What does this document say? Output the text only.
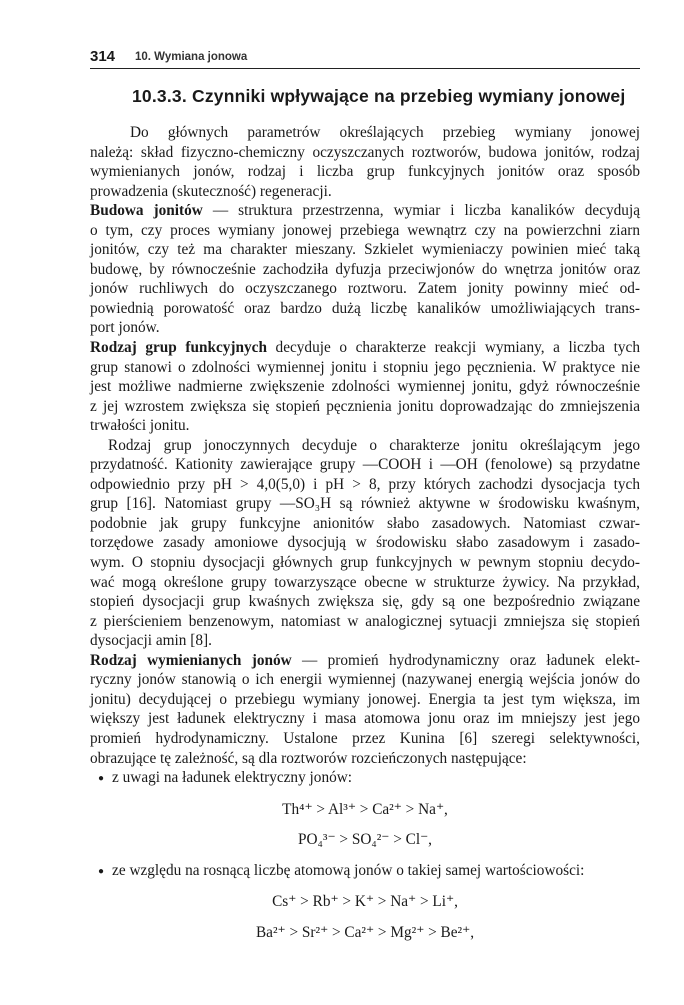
314 10. Wymiana jonowa
10.3.3. Czynniki wpływające na przebieg wymiany jonowej
Do głównych parametrów określających przebieg wymiany jonowej
należą: skład fizyczno-chemiczny oczyszczanych roztworów, budowa jonitów, rodzaj
wymienianych jonów, rodzaj i liczba grup funkcyjnych jonitów oraz sposób
prowadzenia (skuteczność) regeneracji.
Budowa jonitów — struktura przestrzenna, wymiar i liczba kanalików decydują
o tym, czy proces wymiany jonowej przebiega wewnątrz czy na powierzchni ziarn
jonitów, czy też ma charakter mieszany. Szkielet wymieniaczy powinien mieć taką
budowę, by równocześnie zachodziła dyfuzja przeciwjonów do wnętrza jonitów oraz
jonów ruchliwych do oczyszczanego roztworu. Zatem jonity powinny mieć od-
powiednią porowatość oraz bardzo dużą liczbę kanalików umożliwiających trans-
port jonów.
Rodzaj grup funkcyjnych decyduje o charakterze reakcji wymiany, a liczba tych
grup stanowi o zdolności wymiennej jonitu i stopniu jego pęcznienia. W praktyce nie
jest możliwe nadmierne zwiększenie zdolności wymiennej jonitu, gdyż równocześnie
z jej wzrostem zwiększa się stopień pęcznienia jonitu doprowadzając do zmniejszenia
trwałości jonitu.
Rodzaj grup jonoczynnych decyduje o charakterze jonitu określającym jego
przydatność. Kationity zawierające grupy —COOH i —OH (fenolowe) są przydatne
odpowiednio przy pH > 4,0(5,0) i pH > 8, przy których zachodzi dysocjacja tych
grup [16]. Natomiast grupy —SO₃H są również aktywne w środowisku kwaśnym,
podobnie jak grupy funkcyjne anionitów słabo zasadowych. Natomiast czwar-
torzędowe zasady amoniowe dysocjują w środowisku słabo zasadowym i zasado-
wym. O stopniu dysocjacji głównych grup funkcyjnych w pewnym stopniu decydo-
wać mogą określone grupy towarzyszące obecne w strukturze żywicy. Na przykład,
stopień dysocjacji grup kwaśnych zwiększa się, gdy są one bezpośrednio związane
z pierścieniem benzenowym, natomiast w analogicznej sytuacji zmniejsza się stopień
dysocjacji amin [8].
Rodzaj wymienianych jonów — promień hydrodynamiczny oraz ładunek elekt-
ryczny jonów stanowią o ich energii wymiennej (nazywanej energią wejścia jonów do
jonitu) decydującej o przebiegu wymiany jonowej. Energia ta jest tym większa, im
większy jest ładunek elektryczny i masa atomowa jonu oraz im mniejszy jest jego
promień hydrodynamiczny. Ustalone przez Kunina [6] szeregi selektywności,
obrazujące tę zależność, są dla roztworów rozcieńczonych następujące:
● z uwagi na ładunek elektryczny jonów:
Th⁴⁺ > Al³⁺ > Ca²⁺ > Na⁺,
PO₄³⁻ > SO₄²⁻ > Cl⁻,
● ze względu na rosnącą liczbę atomową jonów o takiej samej wartościowości:
Cs⁺ > Rb⁺ > K⁺ > Na⁺ > Li⁺,
Ba²⁺ > Sr²⁺ > Ca²⁺ > Mg²⁺ > Be²⁺,
